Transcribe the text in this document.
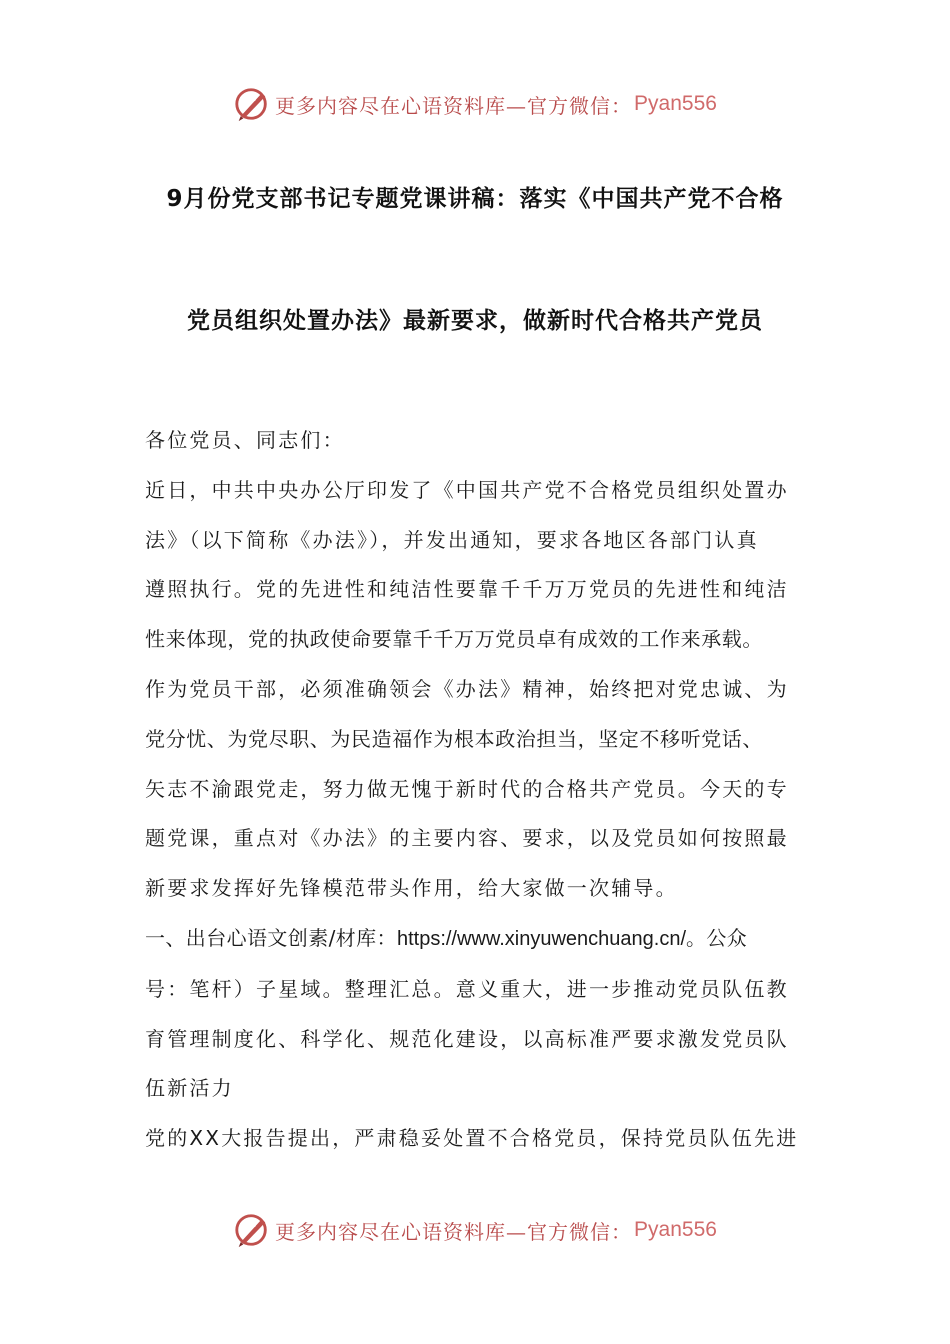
更多内容尽在心语资料库—官方微信： Pyan556
9月份党支部书记专题党课讲稿：落实《中国共产党不合格
党员组织处置办法》最新要求，做新时代合格共产党员
各位党员、同志们：
近日，中共中央办公厅印发了《中国共产党不合格党员组织处置办
法》（以下简称《办法》），并发出通知，要求各地区各部门认真
遵照执行。党的先进性和纯洁性要靠千千万万党员的先进性和纯洁
性来体现，党的执政使命要靠千千万万党员卓有成效的工作来承载。
作为党员干部，必须准确领会《办法》精神，始终把对党忠诚、为
党分忧、为党尽职、为民造福作为根本政治担当，坚定不移听党话、
矢志不渝跟党走，努力做无愧于新时代的合格共产党员。今天的专
题党课，重点对《办法》的主要内容、要求，以及党员如何按照最
新要求发挥好先锋模范带头作用，给大家做一次辅导。
一、出台心语文创素/材库：https://www.xinyuwenchuang.cn/。公众
号：笔杆）子星域。整理汇总。意义重大，进一步推动党员队伍教
育管理制度化、科学化、规范化建设，以高标准严要求激发党员队
伍新活力
党的XX大报告提出，严肃稳妥处置不合格党员，保持党员队伍先进
更多内容尽在心语资料库—官方微信： Pyan556
